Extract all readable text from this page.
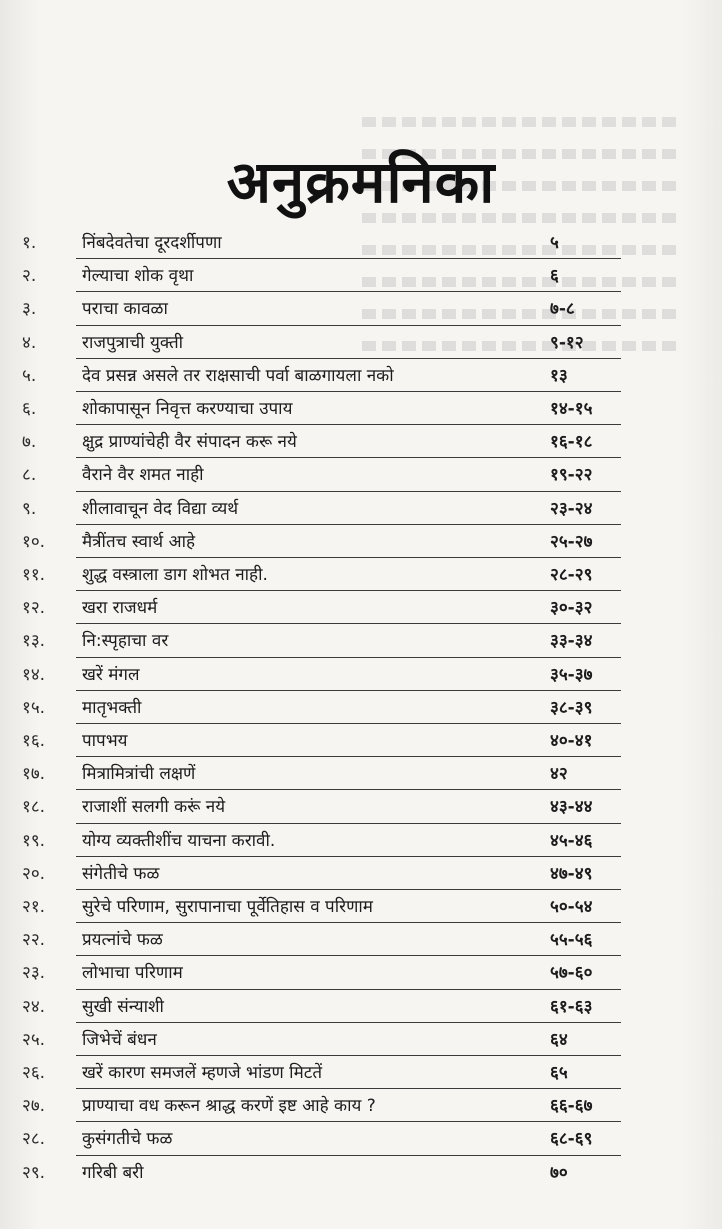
अनुक्रमनिका
१.	निंबदेवतेचा दूरदर्शीपणा	५
२.	गेल्याचा शोक वृथा	६
३.	पराचा कावळा	७-८
४.	राजपुत्राची युक्ती	९-१२
५.	देव प्रसन्न असले तर राक्षसाची पर्वा बाळगायला नको	१३
६.	शोकापासून निवृत्त करण्याचा उपाय	१४-१५
७.	क्षुद्र प्राण्यांचेही वैर संपादन करू नये	१६-१८
८.	वैराने वैर शमत नाही	१९-२२
९.	शीलावाचून वेद विद्या व्यर्थ	२३-२४
१०.	मैत्रींतच स्वार्थ आहे	२५-२७
११.	शुद्ध वस्त्राला डाग शोभत नाही.	२८-२९
१२.	खरा राजधर्म	३०-३२
१३.	नि:स्पृहाचा वर	३३-३४
१४.	खरें मंगल	३५-३७
१५.	मातृभक्ती	३८-३९
१६.	पापभय	४०-४१
१७.	मित्रामित्रांची लक्षणें	४२
१८.	राजाशीं सलगी करूं नये	४३-४४
१९.	योग्य व्यक्तीशींच याचना करावी.	४५-४६
२०.	संगेतीचे फळ	४७-४९
२१.	सुरेचे परिणाम, सुरापानाचा पूर्वेतिहास व परिणाम	५०-५४
२२.	प्रयत्नांचे फळ	५५-५६
२३.	लोभाचा परिणाम	५७-६०
२४.	सुखी संन्याशी	६१-६३
२५.	जिभेचें बंधन	६४
२६.	खरें कारण समजलें म्हणजे भांडण मिटतें	६५
२७.	प्राण्याचा वध करून श्राद्ध करणें इष्ट आहे काय ?	६६-६७
२८.	कुसंगतीचे फळ	६८-६९
२९.	गरिबी बरी	७०
